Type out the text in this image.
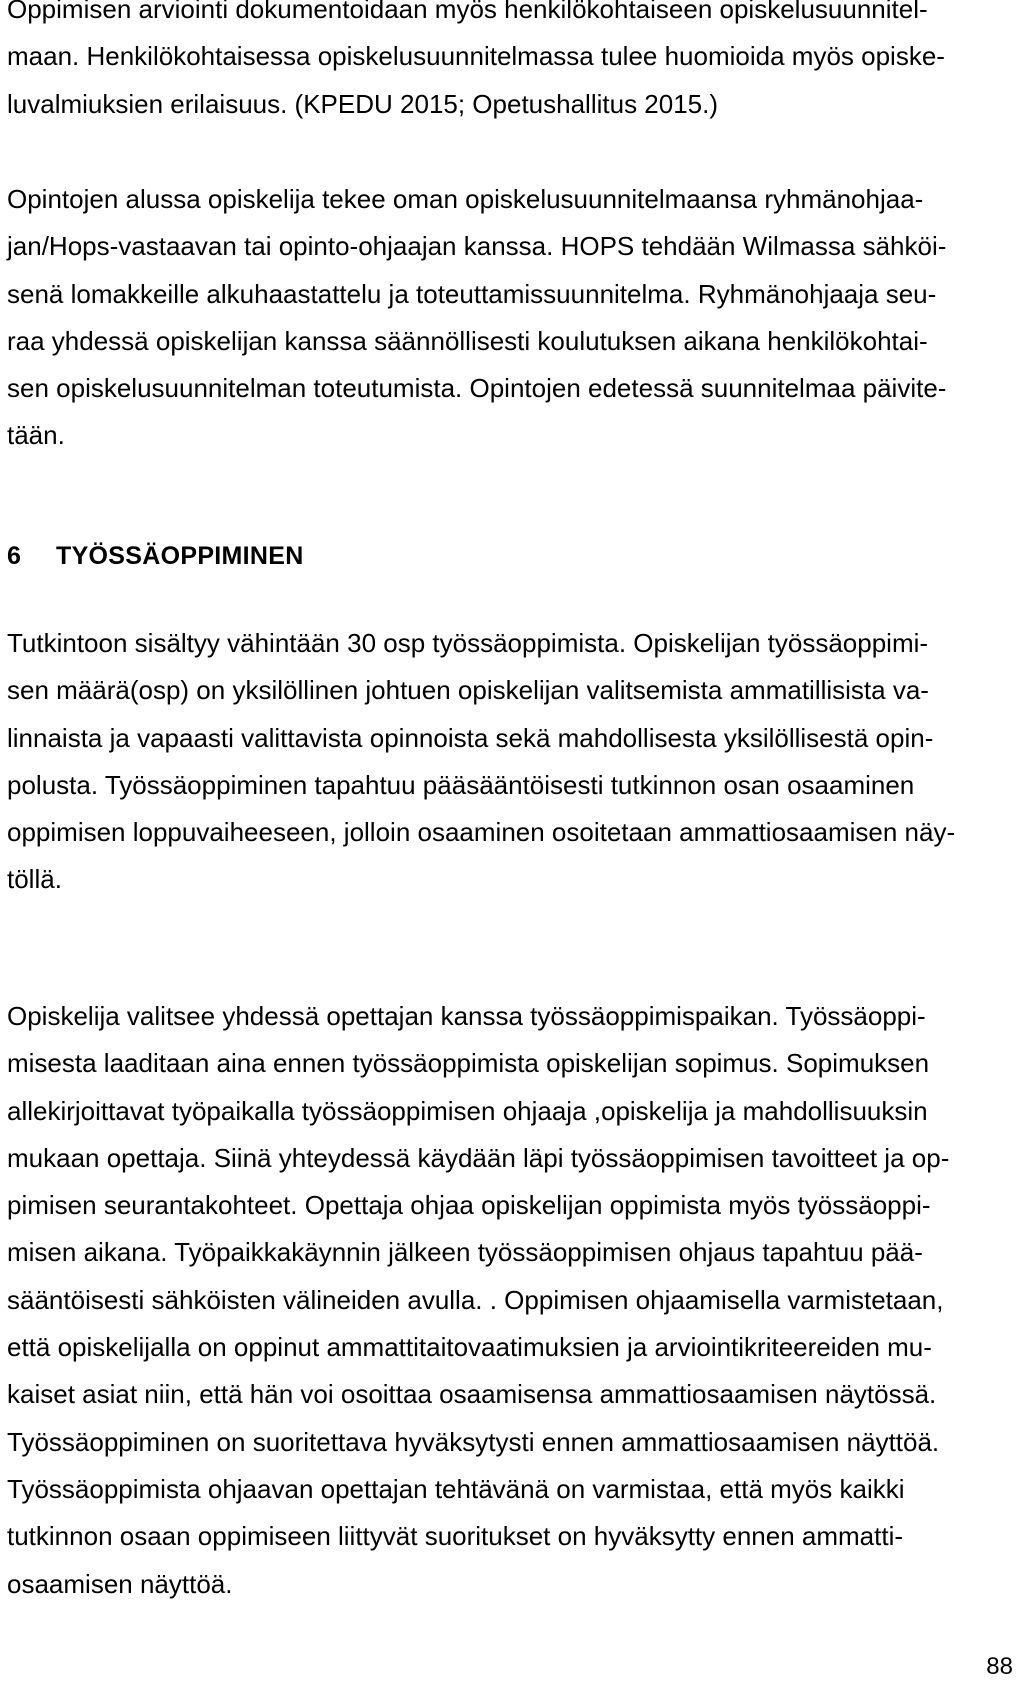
Oppimisen arviointi dokumentoidaan myös henkilökohtaiseen opiskelusuunnitel-
maan. Henkilökohtaisessa opiskelusuunnitelmassa tulee huomioida myös opiske-
luvalmiuksien erilaisuus. (KPEDU 2015; Opetushallitus 2015.)

Opintojen alussa opiskelija tekee oman opiskelusuunnitelmaansa ryhmänohjaa-
jan/Hops-vastaavan tai opinto-ohjaajan kanssa. HOPS tehdään Wilmassa sähköi-
senä lomakkeille alkuhaastattelu ja toteuttamissuunnitelma. Ryhmänohjaaja seu-
raa yhdessä opiskelijan kanssa säännöllisesti koulutuksen aikana henkilökohtai-
sen opiskelusuunnitelman toteutumista. Opintojen edetessä suunnitelmaa päivite-
tään.

6 TYÖSSÄOPPIMINEN

Tutkintoon sisältyy vähintään 30 osp työssäoppimista. Opiskelijan työssäoppimi-
sen määrä(osp) on yksilöllinen johtuen opiskelijan valitsemista ammatillisista va-
linnaista ja vapaasti valittavista opinnoista sekä mahdollisesta yksilöllisestä opin-
polusta. Työssäoppiminen tapahtuu pääsääntöisesti tutkinnon osan osaaminen
oppimisen loppuvaiheeseen, jolloin osaaminen osoitetaan ammattiosaamisen näy-
töllä.

Opiskelija valitsee yhdessä opettajan kanssa työssäoppimispaikan. Työssäoppi-
misesta laaditaan aina ennen työssäoppimista opiskelijan sopimus. Sopimuksen
allekirjoittavat työpaikalla työssäoppimisen ohjaaja ,opiskelija ja mahdollisuuksin
mukaan opettaja. Siinä yhteydessä käydään läpi työssäoppimisen tavoitteet ja op-
pimisen seurantakohteet. Opettaja ohjaa opiskelijan oppimista myös työssäoppi-
misen aikana. Työpaikkakäynnin jälkeen työssäoppimisen ohjaus tapahtuu pää-
sääntöisesti sähköisten välineiden avulla. . Oppimisen ohjaamisella varmistetaan,
että opiskelijalla on oppinut ammattitaitovaatimuksien ja arviointikriteereiden mu-
kaiset asiat niin, että hän voi osoittaa osaamisensa ammattiosaamisen näytössä.
Työssäoppiminen on suoritettava hyväksytysti ennen ammattiosaamisen näyttöä.
Työssäoppimista ohjaavan opettajan tehtävänä on varmistaa, että myös kaikki
tutkinnon osaan oppimiseen liittyvät suoritukset on hyväksytty ennen ammatti-
osaamisen näyttöä.

88
